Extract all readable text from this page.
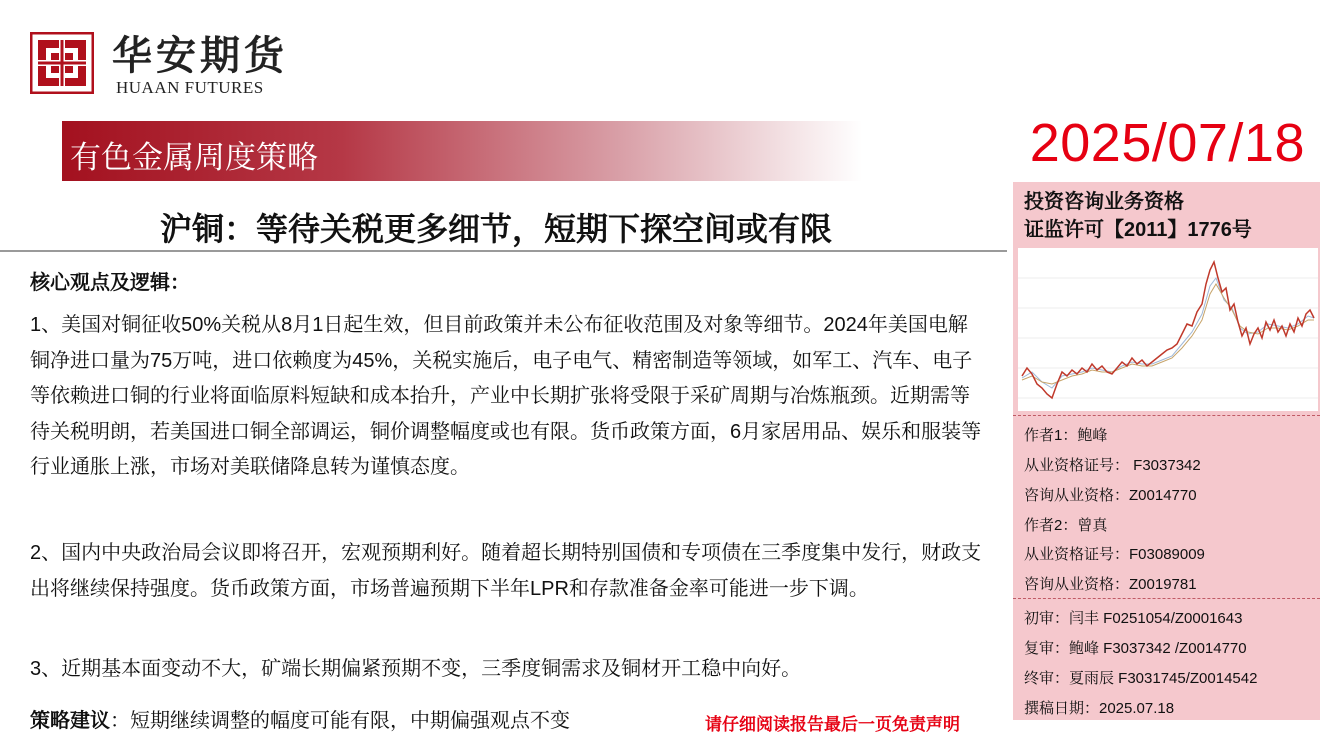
华安期货
HUAAN FUTURES
有色金属周度策略	2025/07/18
沪铜：等待关税更多细节，短期下探空间或有限
核心观点及逻辑：
1、美国对铜征收50%关税从8月1日起生效，但目前政策并未公布征收范围及对象等细节。2024年美国电解铜净进口量为75万吨，进口依赖度为45%，关税实施后，电子电气、精密制造等领域，如军工、汽车、电子等依赖进口铜的行业将面临原料短缺和成本抬升，产业中长期扩张将受限于采矿周期与冶炼瓶颈。近期需等待关税明朗，若美国进口铜全部调运，铜价调整幅度或也有限。货币政策方面，6月家居用品、娱乐和服装等行业通胀上涨，市场对美联储降息转为谨慎态度。
2、国内中央政治局会议即将召开，宏观预期利好。随着超长期特别国债和专项债在三季度集中发行，财政支出将继续保持强度。货币政策方面，市场普遍预期下半年LPR和存款准备金率可能进一步下调。
3、近期基本面变动不大，矿端长期偏紧预期不变，三季度铜需求及铜材开工稳中向好。
策略建议：短期继续调整的幅度可能有限，中期偏强观点不变	请仔细阅读报告最后一页免责声明
投资咨询业务资格
证监许可【2011】1776号
作者1：鲍峰
从业资格证号： F3037342
咨询从业资格：Z0014770
作者2：曾真
从业资格证号：F03089009
咨询从业资格：Z0019781
初审：闫丰 F0251054/Z0001643
复审：鲍峰 F3037342 /Z0014770
终审：夏雨辰 F3031745/Z0014542
撰稿日期：2025.07.18
